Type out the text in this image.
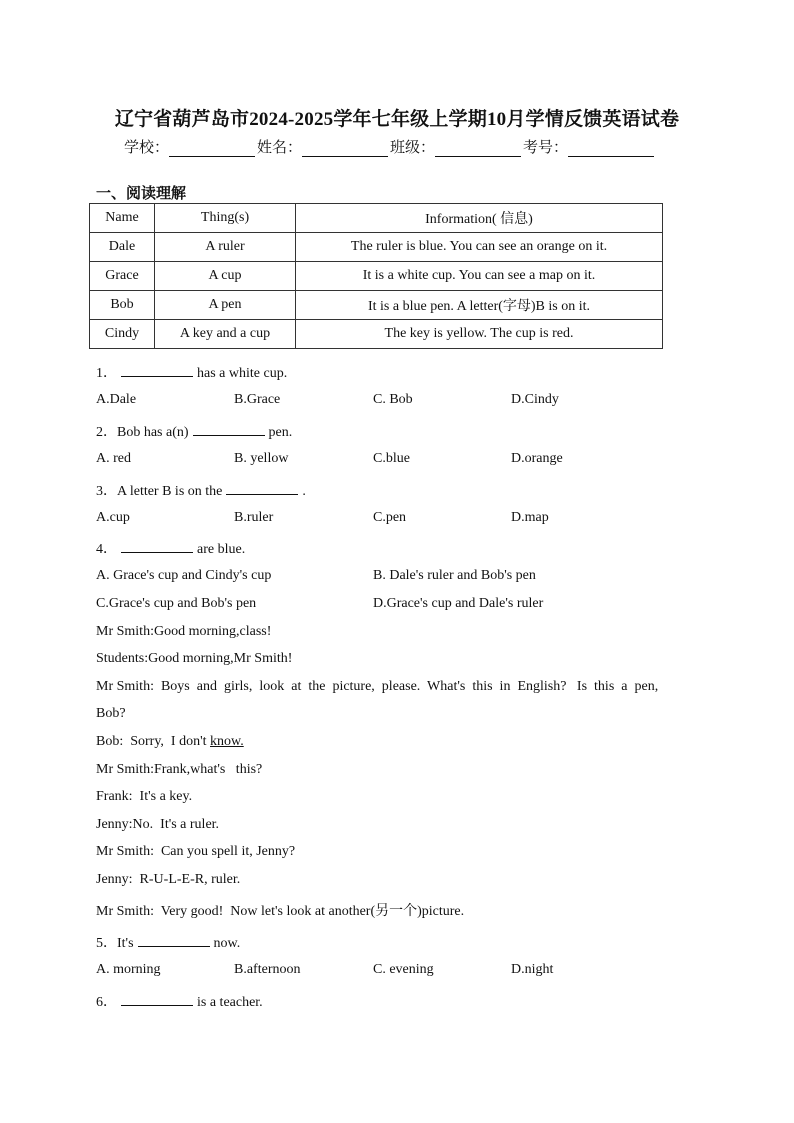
辽宁省葫芦岛市2024-2025学年七年级上学期10月学情反馈英语试卷
学校：	姓名：	班级：	考号：
一、阅读理解
Name	Thing(s)	Information( 信息)
Dale	A ruler	The ruler is blue. You can see an orange on it.
Grace	A cup	It is a white cup. You can see a map on it.
Bob	A pen	It is a blue pen. A letter(字母)B is on it.
Cindy	A key and a cup	The key is yellow. The cup is red.
1．	has a white cup.
A.Dale	B.Grace	C. Bob	D.Cindy
2．Bob has a(n)	pen.
A. red	B. yellow	C.blue	D.orange
3．A letter B is on the	.
A.cup	B.ruler	C.pen	D.map
4．	are blue.
A. Grace's cup and Cindy's cup	B. Dale's ruler and Bob's pen
C.Grace's cup and Bob's pen	D.Grace's cup and Dale's ruler
Mr Smith:Good morning,class!
Students:Good morning,Mr Smith!
Mr Smith:  Boys  and  girls,  look  at  the  picture,  please.  What's  this  in  English?   Is  this  a  pen,
Bob?
Bob:  Sorry,  I don't know.
Mr Smith:Frank,what's   this?
Frank:  It's a key.
Jenny:No.  It's a ruler.
Mr Smith:  Can you spell it, Jenny?
Jenny:  R-U-L-E-R, ruler.
Mr Smith:  Very good!  Now let's look at another(另一个)picture.
5．It's	now.
A. morning	B.afternoon	C. evening	D.night
6．	is a teacher.
